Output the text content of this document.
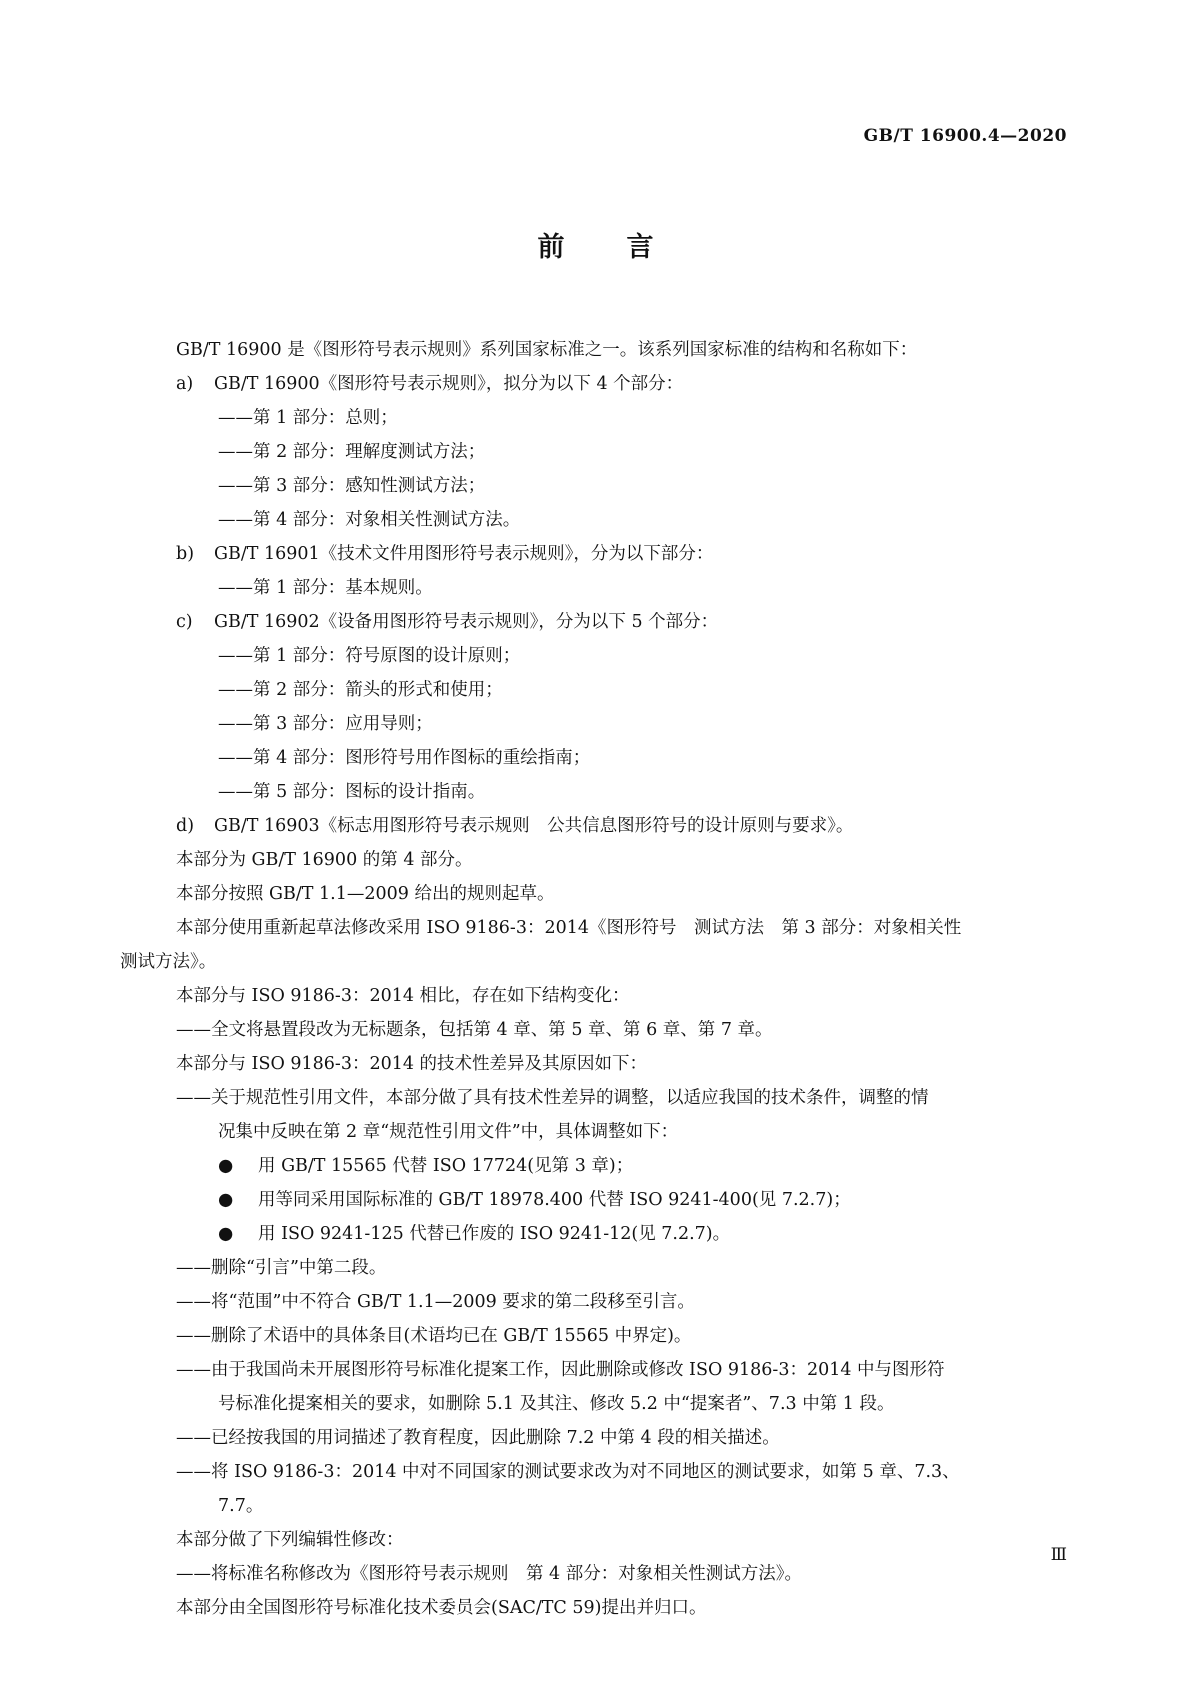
GB/T 16900.4—2020
前言
GB/T 16900 是《图形符号表示规则》系列国家标准之一。该系列国家标准的结构和名称如下：
a) GB/T 16900《图形符号表示规则》，拟分为以下 4 个部分：
——第 1 部分：总则；
——第 2 部分：理解度测试方法；
——第 3 部分：感知性测试方法；
——第 4 部分：对象相关性测试方法。
b) GB/T 16901《技术文件用图形符号表示规则》，分为以下部分：
——第 1 部分：基本规则。
c) GB/T 16902《设备用图形符号表示规则》，分为以下 5 个部分：
——第 1 部分：符号原图的设计原则；
——第 2 部分：箭头的形式和使用；
——第 3 部分：应用导则；
——第 4 部分：图形符号用作图标的重绘指南；
——第 5 部分：图标的设计指南。
d) GB/T 16903《标志用图形符号表示规则　公共信息图形符号的设计原则与要求》。
本部分为 GB/T 16900 的第 4 部分。
本部分按照 GB/T 1.1—2009 给出的规则起草。
本部分使用重新起草法修改采用 ISO 9186-3：2014《图形符号　测试方法　第 3 部分：对象相关性
测试方法》。
本部分与 ISO 9186-3：2014 相比，存在如下结构变化：
——全文将悬置段改为无标题条，包括第 4 章、第 5 章、第 6 章、第 7 章。
本部分与 ISO 9186-3：2014 的技术性差异及其原因如下：
——关于规范性引用文件，本部分做了具有技术性差异的调整，以适应我国的技术条件，调整的情
况集中反映在第 2 章“规范性引用文件”中，具体调整如下：
● 用 GB/T 15565 代替 ISO 17724(见第 3 章)；
● 用等同采用国际标准的 GB/T 18978.400 代替 ISO 9241-400(见 7.2.7)；
● 用 ISO 9241-125 代替已作废的 ISO 9241-12(见 7.2.7)。
——删除“引言”中第二段。
——将“范围”中不符合 GB/T 1.1—2009 要求的第二段移至引言。
——删除了术语中的具体条目(术语均已在 GB/T 15565 中界定)。
——由于我国尚未开展图形符号标准化提案工作，因此删除或修改 ISO 9186-3：2014 中与图形符
号标准化提案相关的要求，如删除 5.1 及其注、修改 5.2 中“提案者”、7.3 中第 1 段。
——已经按我国的用词描述了教育程度，因此删除 7.2 中第 4 段的相关描述。
——将 ISO 9186-3：2014 中对不同国家的测试要求改为对不同地区的测试要求，如第 5 章、7.3、
7.7。
本部分做了下列编辑性修改：
——将标准名称修改为《图形符号表示规则　第 4 部分：对象相关性测试方法》。
本部分由全国图形符号标准化技术委员会(SAC/TC 59)提出并归口。
Ⅲ
